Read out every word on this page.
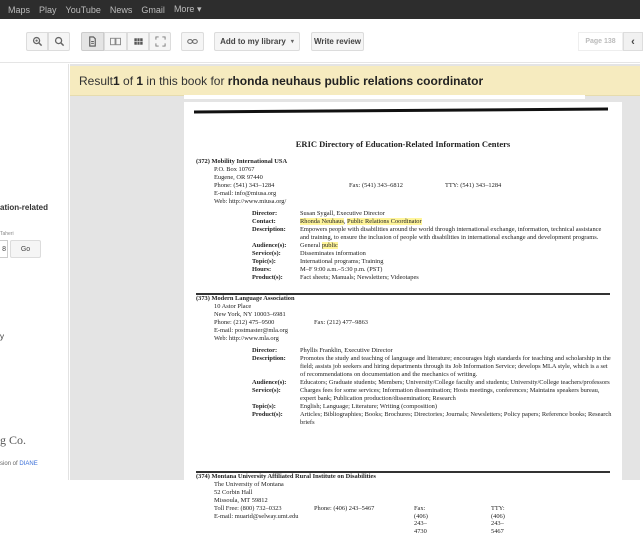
Maps Play YouTube News Gmail More ▾
Add to my library ▾	Write review	Page 138	‹
ation-related
Taheri
8	Go
y
g Co.
sion of DIANE
Result 1 of 1 in this book for rhonda neuhaus public relations coordinator
ERIC Directory of Education-Related Information Centers
(372) Mobility International USA
P.O. Box 10767
Eugene, OR 97440
Phone: (541) 343–1284	Fax: (541) 343–6812	TTY: (541) 343–1284
E-mail: info@miusa.org
Web: http://www.miusa.org/
Director:	Susan Sygall, Executive Director
Contact:	Rhonda Neuhaus, Public Relations Coordinator
Description:	Empowers people with disabilities around the world through international exchange, information, technical assistance and training, to ensure the inclusion of people with disabilities in international exchange and development programs.
Audience(s):	General public
Service(s):	Disseminates information
Topic(s):	International programs; Training
Hours:	M–F 9:00 a.m.–5:30 p.m. (PST)
Product(s):	Fact sheets; Manuals; Newsletters; Videotapes
(373) Modern Language Association
10 Astor Place
New York, NY 10003–6981
Phone: (212) 475–9500	Fax: (212) 477–9863
E-mail: postmaster@mla.org
Web: http://www.mla.org
Director:	Phyllis Franklin, Executive Director
Description:	Promotes the study and teaching of language and literature; encourages high standards for teaching and scholarship in the field; assists job seekers and hiring departments through its Job Information Service; develops MLA style, which is a set of recommendations on documentation and the mechanics of writing.
Audience(s):	Educators; Graduate students; Members; University/College faculty and students; University/College teachers/professors
Service(s):	Charges fees for some services; Information dissemination; Hosts meetings, conferences; Maintains speakers bureau, expert bank; Publication production/dissemination; Research
Topic(s):	English; Language; Literature; Writing (composition)
Product(s):	Articles; Bibliographies; Books; Brochures; Directories; Journals; Newsletters; Policy papers; Reference books; Research briefs
(374) Montana University Affiliated Rural Institute on Disabilities
The University of Montana
52 Corbin Hall
Missoula, MT 59812
Toll Free: (800) 732–0323	Phone: (406) 243–5467	Fax: (406) 243–4730
TTY: (406) 243–5467
E-mail: muarid@selway.umt.edu
